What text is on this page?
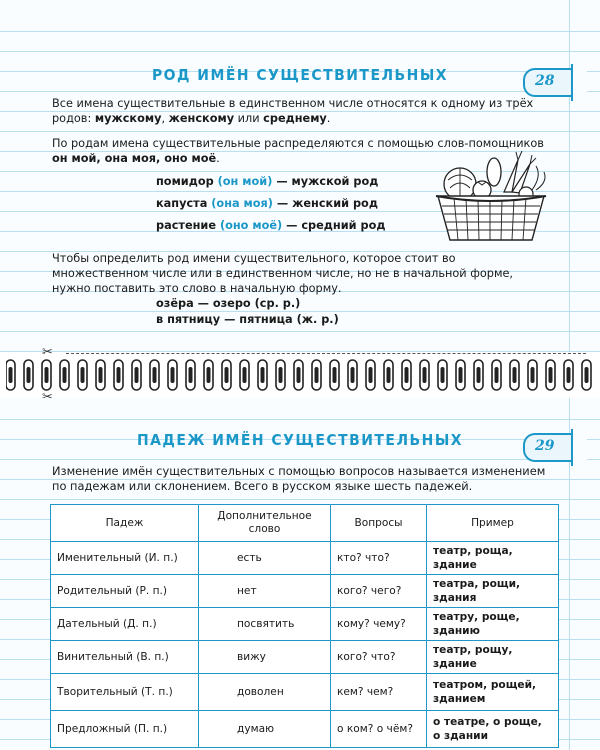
РОД ИМЁН СУЩЕСТВИТЕЛЬНЫХ	28

Все имена существительные в единственном числе относятся к одному из трёх родов: мужскому, женскому или среднему.

По родам имена существительные распределяются с помощью слов-помощников он мой, она моя, оно моё.

помидор (он мой) — мужской род
капуста (она моя) — женский род
растение (оно моё) — средний род

Чтобы определить род имени существительного, которое стоит во множественном числе или в единственном числе, но не в начальной форме, нужно поставить это слово в начальную форму.

озёра — озеро (ср. р.)
в пятницу — пятница (ж. р.)
✂
ПАДЕЖ ИМЁН СУЩЕСТВИТЕЛЬНЫХ	29

Изменение имён существительных с помощью вопросов называется изменением по падежам или склонением. Всего в русском языке шесть падежей.

Падеж	Дополнительное слово	Вопросы	Пример
Именительный (И. п.)	есть	кто? что?	театр, роща, здание
Родительный (Р. п.)	нет	кого? чего?	театра, рощи, здания
Дательный (Д. п.)	посвятить	кому? чему?	театру, роще, зданию
Винительный (В. п.)	вижу	кого? что?	театр, рощу, здание
Творительный (Т. п.)	доволен	кем? чем?	театром, рощей, зданием
Предложный (П. п.)	думаю	о ком? о чём?	о театре, о роще, о здании
